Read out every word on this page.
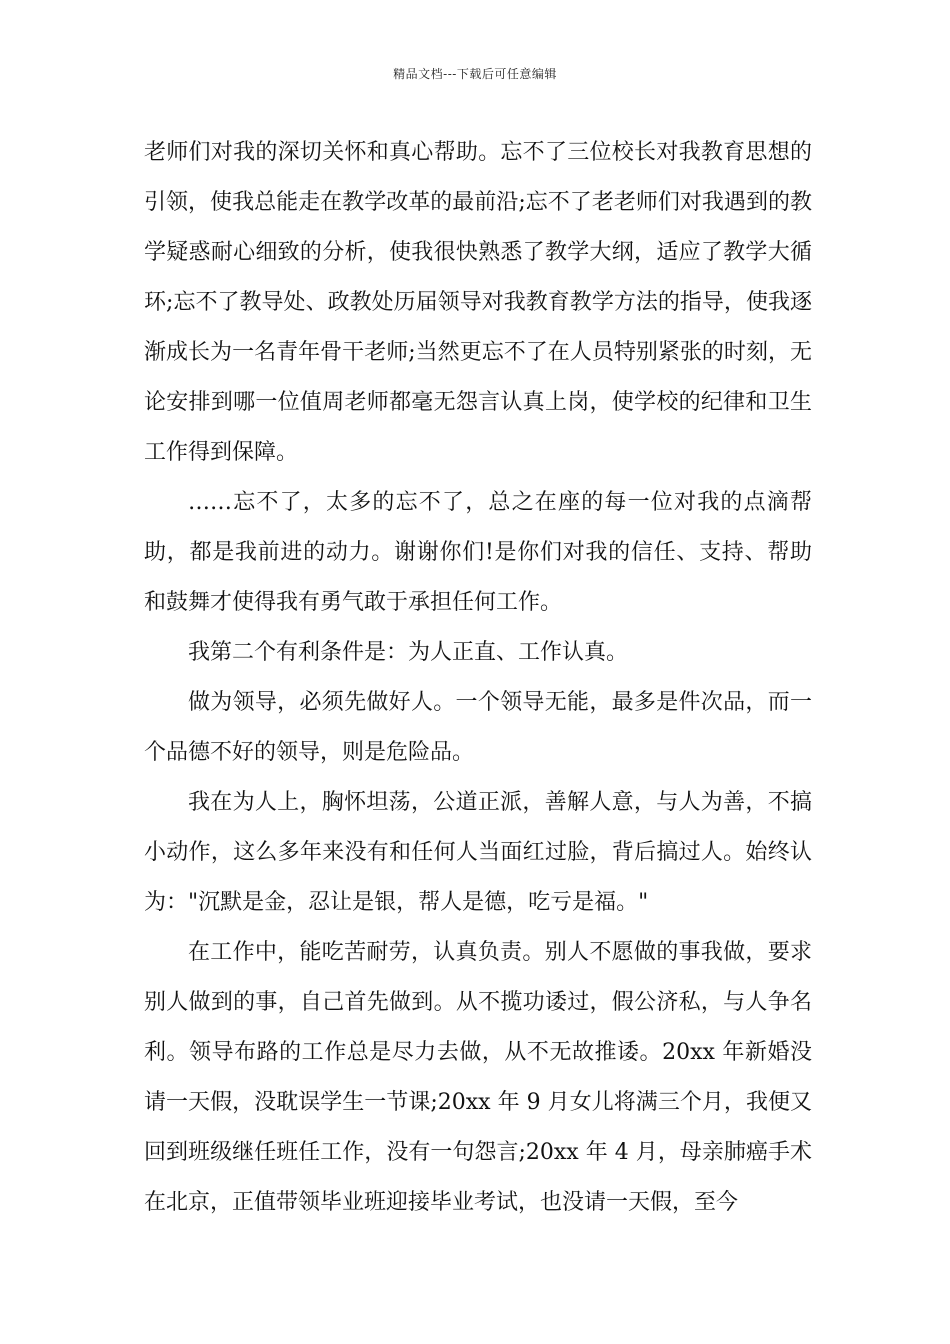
精品文档---下载后可任意编辑

老师们对我的深切关怀和真心帮助。忘不了三位校长对我教育思想的引领，使我总能走在教学改革的最前沿;忘不了老老师们对我遇到的教学疑惑耐心细致的分析，使我很快熟悉了教学大纲，适应了教学大循环;忘不了教导处、政教处历届领导对我教育教学方法的指导，使我逐渐成长为一名青年骨干老师;当然更忘不了在人员特别紧张的时刻，无论安排到哪一位值周老师都毫无怨言认真上岗，使学校的纪律和卫生工作得到保障。

……忘不了，太多的忘不了，总之在座的每一位对我的点滴帮助，都是我前进的动力。谢谢你们!是你们对我的信任、支持、帮助和鼓舞才使得我有勇气敢于承担任何工作。

我第二个有利条件是：为人正直、工作认真。

做为领导，必须先做好人。一个领导无能，最多是件次品，而一个品德不好的领导，则是危险品。

我在为人上，胸怀坦荡，公道正派，善解人意，与人为善，不搞小动作，这么多年来没有和任何人当面红过脸，背后搞过人。始终认为："沉默是金，忍让是银，帮人是德，吃亏是福。"

在工作中，能吃苦耐劳，认真负责。别人不愿做的事我做，要求别人做到的事，自己首先做到。从不揽功诿过，假公济私，与人争名利。领导布路的工作总是尽力去做，从不无故推诿。20xx 年新婚没请一天假，没耽误学生一节课;20xx 年 9 月女儿将满三个月，我便又回到班级继任班任工作，没有一句怨言;20xx 年 4 月，母亲肺癌手术在北京，正值带领毕业班迎接毕业考试，也没请一天假，至今
